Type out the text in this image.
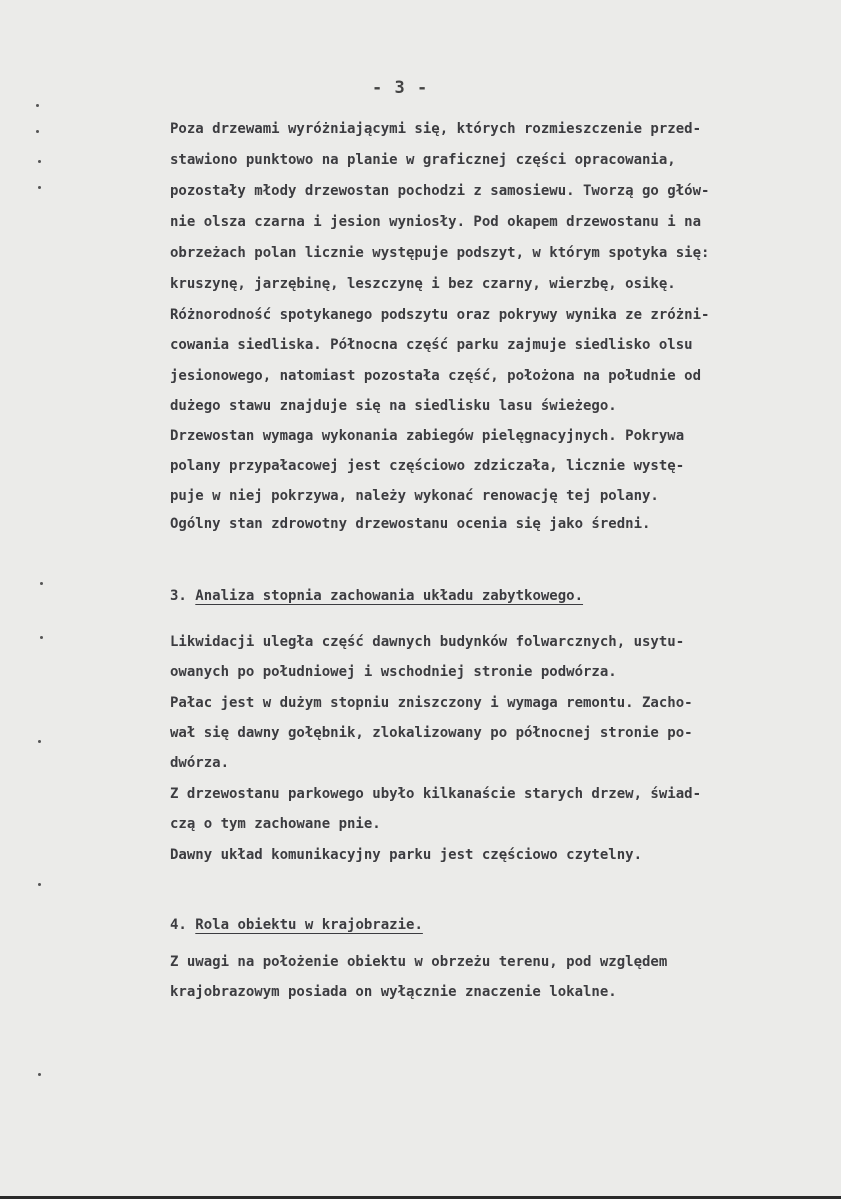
- 3 -
Poza drzewami wyróżniającymi się, których rozmieszczenie przed-
stawiono punktowo na planie w graficznej części opracowania,
pozostały młody drzewostan pochodzi z samosiewu. Tworzą go głów-
nie olsza czarna i jesion wyniosły. Pod okapem drzewostanu i na
obrzeżach polan licznie występuje podszyt, w którym spotyka się:
kruszynę, jarzębinę, leszczynę i bez czarny, wierzbę, osikę.
Różnorodność spotykanego podszytu oraz pokrywy wynika ze zróżni-
cowania siedliska. Północna część parku zajmuje siedlisko olsu
jesionowego, natomiast pozostała część, położona na południe od
dużego stawu znajduje się na siedlisku lasu świeżego.
Drzewostan wymaga wykonania zabiegów pielęgnacyjnych. Pokrywa
polany przypałacowej jest częściowo zdziczała, licznie wystę-
puje w niej pokrzywa, należy wykonać renowację tej polany.
Ogólny stan zdrowotny drzewostanu ocenia się jako średni.
3. Analiza stopnia zachowania układu zabytkowego.
Likwidacji uległa część dawnych budynków folwarcznych, usytu-
owanych po południowej i wschodniej stronie podwórza.
Pałac jest w dużym stopniu zniszczony i wymaga remontu. Zacho-
wał się dawny gołębnik, zlokalizowany po północnej stronie po-
dwórza.
Z drzewostanu parkowego ubyło kilkanaście starych drzew, świad-
czą o tym zachowane pnie.
Dawny układ komunikacyjny parku jest częściowo czytelny.
4. Rola obiektu w krajobrazie.
Z uwagi na położenie obiektu w obrzeżu terenu, pod względem
krajobrazowym posiada on wyłącznie znaczenie lokalne.
